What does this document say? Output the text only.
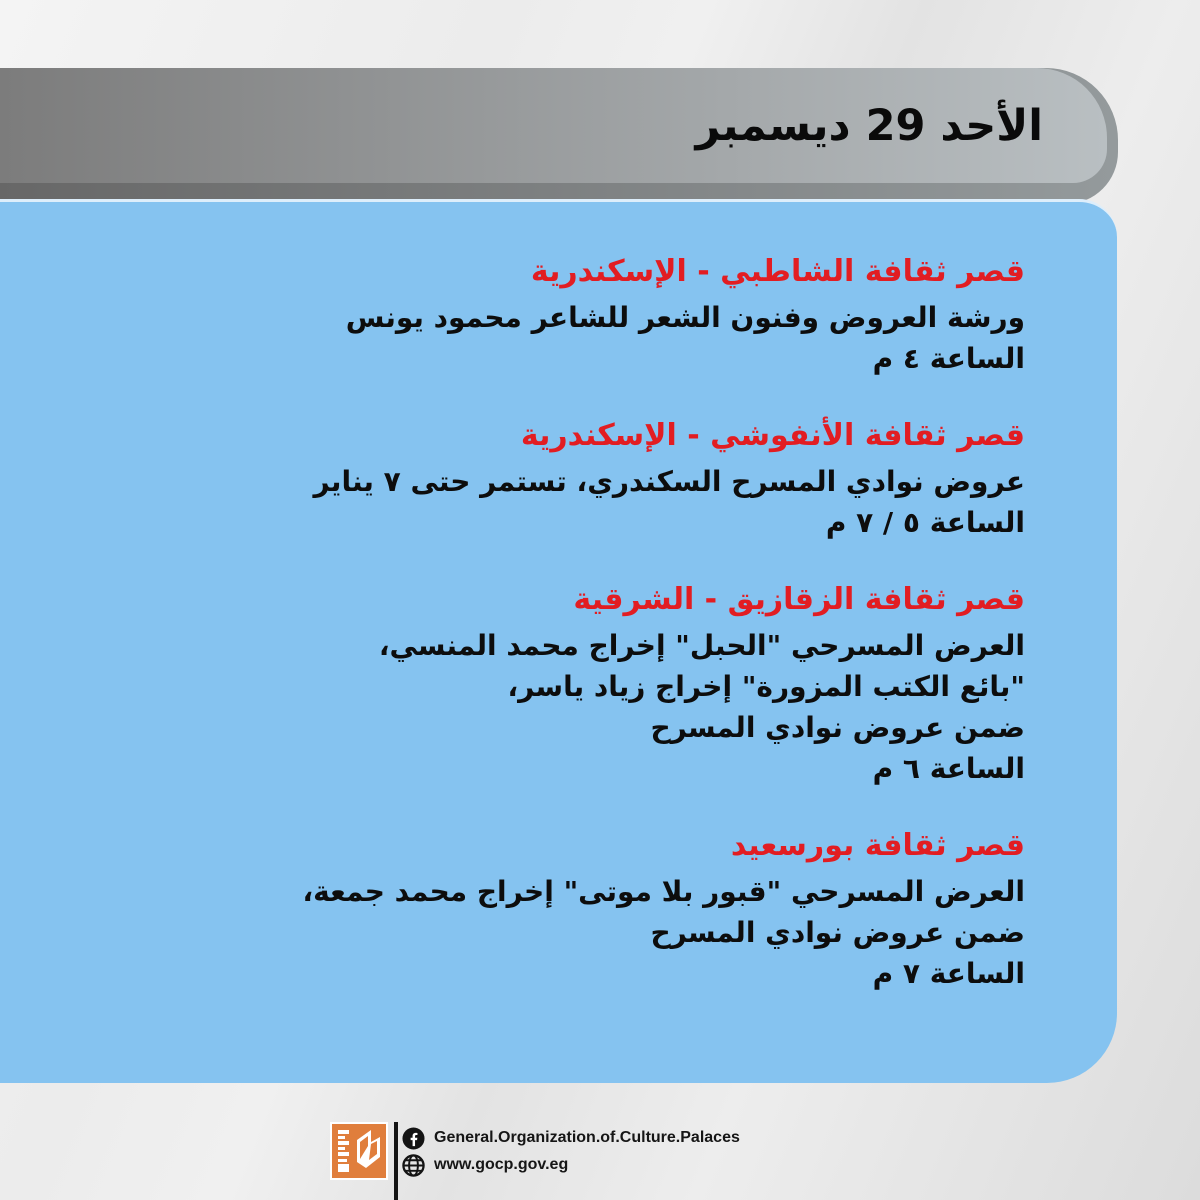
الأحد 29 ديسمبر

قصر ثقافة الشاطبي - الإسكندرية

ورشة العروض وفنون الشعر للشاعر محمود يونس

الساعة ٤ م

قصر ثقافة الأنفوشي - الإسكندرية

عروض نوادي المسرح السكندري، تستمر حتى ٧ يناير

الساعة ٥ / ٧ م

قصر ثقافة الزقازيق - الشرقية

العرض المسرحي "الحبل" إخراج محمد المنسي،

"بائع الكتب المزورة" إخراج زياد ياسر،

ضمن عروض نوادي المسرح

الساعة ٦ م

قصر ثقافة بورسعيد

العرض المسرحي "قبور بلا موتى" إخراج محمد جمعة،

ضمن عروض نوادي المسرح

الساعة ٧ م

General.Organization.of.Culture.Palaces
www.gocp.gov.eg
